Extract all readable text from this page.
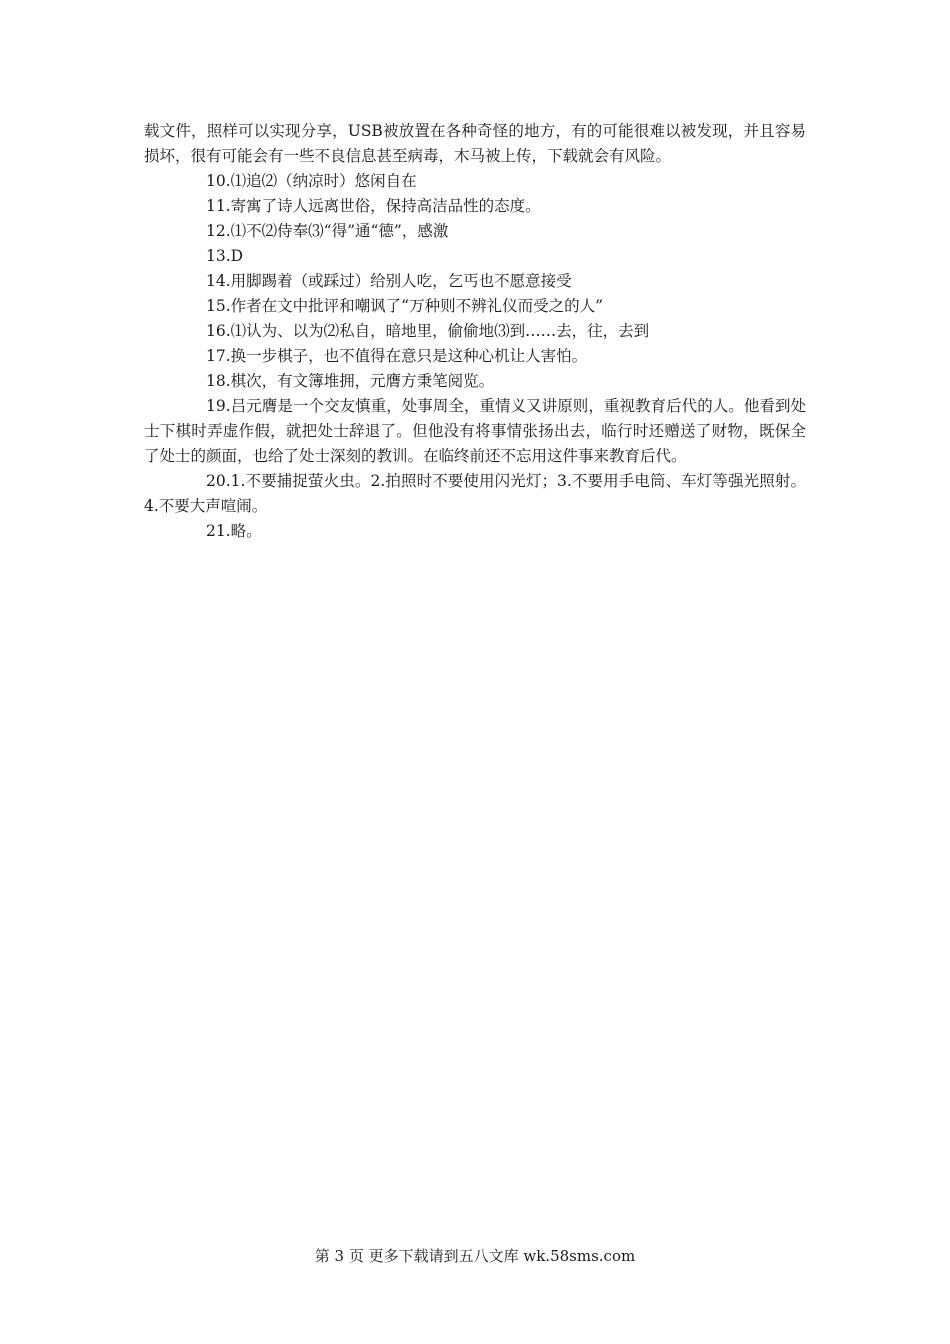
载文件，照样可以实现分享，USB被放置在各种奇怪的地方，有的可能很难以被发现，并且容易损坏，很有可能会有一些不良信息甚至病毒，木马被上传，下载就会有风险。

10.⑴追⑵（纳凉时）悠闲自在

11.寄寓了诗人远离世俗，保持高洁品性的态度。

12.⑴不⑵侍奉⑶“得”通“德”，感激

13.D

14.用脚踢着（或踩过）给别人吃，乞丐也不愿意接受

15.作者在文中批评和嘲讽了“万种则不辨礼仪而受之的人”

16.⑴认为、以为⑵私自，暗地里，偷偷地⑶到……去，往，去到

17.换一步棋子，也不值得在意只是这种心机让人害怕。

18.棋次，有文簿堆拥，元膺方秉笔阅览。

19.吕元膺是一个交友慎重，处事周全，重情义又讲原则，重视教育后代的人。他看到处士下棋时弄虚作假，就把处士辞退了。但他没有将事情张扬出去，临行时还赠送了财物，既保全了处士的颜面，也给了处士深刻的教训。在临终前还不忘用这件事来教育后代。

20.1.不要捕捉萤火虫。2.拍照时不要使用闪光灯；3.不要用手电筒、车灯等强光照射。4.不要大声喧闹。

21.略。

第 3 页 更多下载请到五八文库 wk.58sms.com
